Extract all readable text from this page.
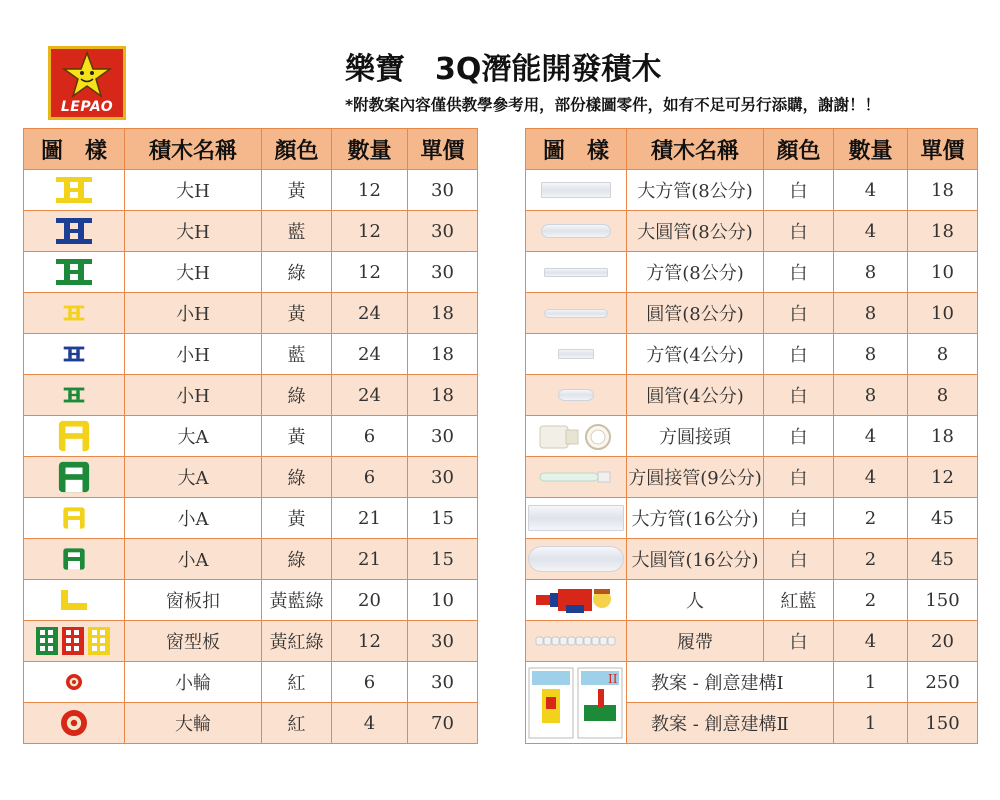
LEPAO
樂寶　3Q潛能開發積木
*附教案內容僅供教學參考用，部份樣圖零件，如有不足可另行添購，謝謝！！
圖　樣	積木名稱	顏色	數量	單價

	大H	黃	12	30

	大H	藍	12	30

	大H	綠	12	30

	小H	黃	24	18

	小H	藍	24	18

	小H	綠	24	18

	大A	黃	6	30

	大A	綠	6	30

	小A	黃	21	15

	小A	綠	21	15

	窗板扣	黃藍綠	20	10

	窗型板	黃紅綠	12	30

	小輪	紅	6	30

	大輪	紅	4	70
圖　樣	積木名稱	顏色	數量	單價

	大方管(8公分)	白	4	18

	大圓管(8公分)	白	4	18

	方管(8公分)	白	8	10

	圓管(8公分)	白	8	10

	方管(4公分)	白	8	8

	圓管(4公分)	白	8	8

	方圓接頭	白	4	18

	方圓接管(9公分)	白	4	12

	大方管(16公分)	白	2	45

	大圓管(16公分)	白	2	45

	人	紅藍	2	150

	履帶	白	4	20

II	教案 - 創意建構Ⅰ		1	250
	教案 - 創意建構Ⅱ		1	150
